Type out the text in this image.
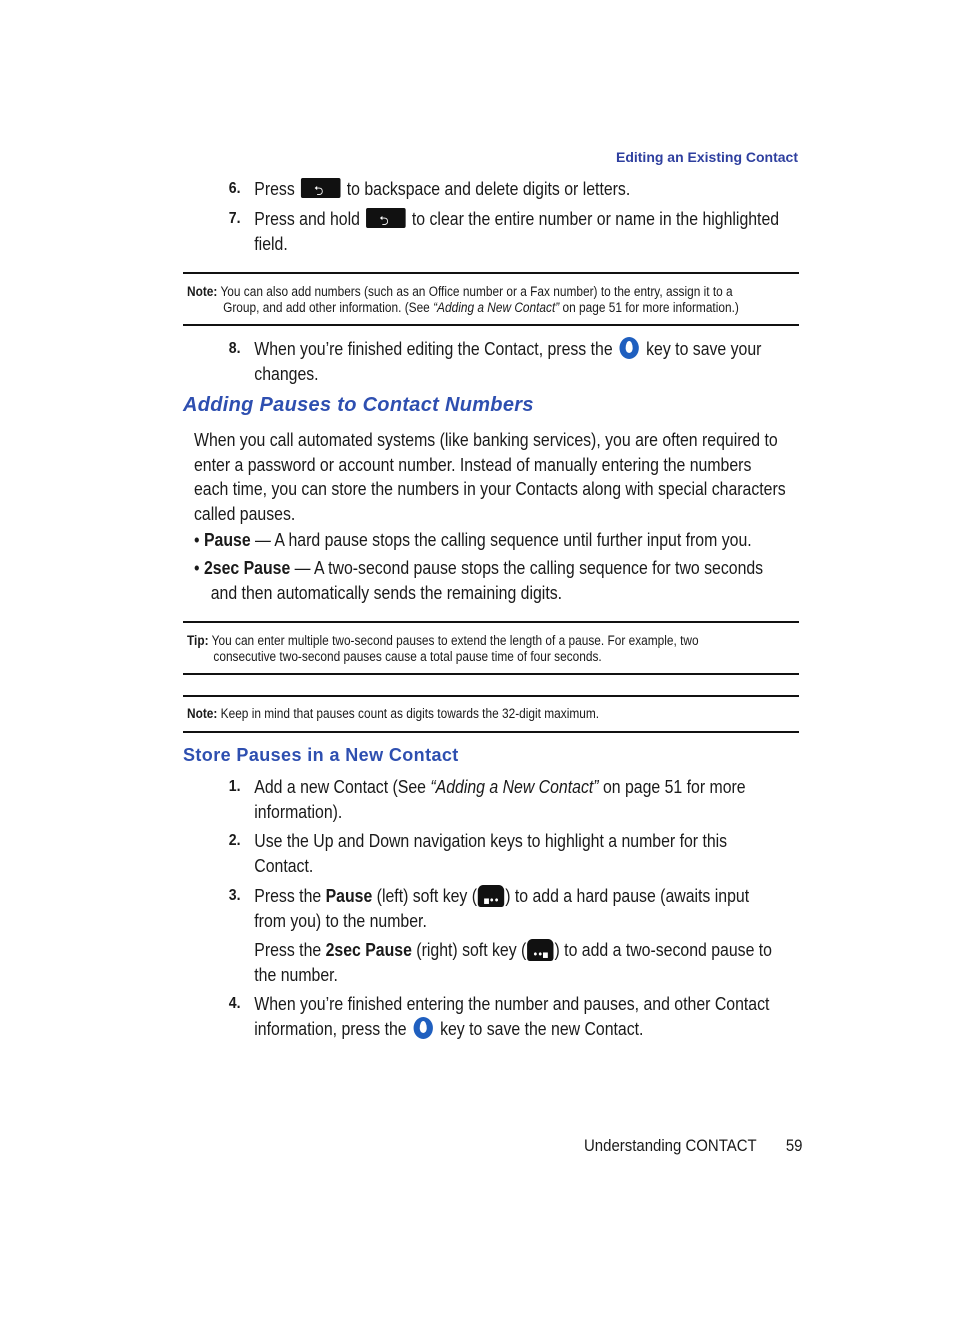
Editing an Existing Contact
6. Press ⮌ to backspace and delete digits or letters.
7. Press and hold ⮌ to clear the entire number or name in the highlighted
field.
Note: You can also add numbers (such as an Office number or a Fax number) to the entry, assign it to a
Group, and add other information. (See “Adding a New Contact” on page 51 for more information.)
8. When you’re finished editing the Contact, press the key to save your
changes.
Adding Pauses to Contact Numbers
When you call automated systems (like banking services), you are often required to
enter a password or account number. Instead of manually entering the numbers
each time, you can store the numbers in your Contacts along with special characters
called pauses.
• Pause — A hard pause stops the calling sequence until further input from you.
• 2sec Pause — A two-second pause stops the calling sequence for two seconds
and then automatically sends the remaining digits.
Tip: You can enter multiple two-second pauses to extend the length of a pause. For example, two
consecutive two-second pauses cause a total pause time of four seconds.
Note: Keep in mind that pauses count as digits towards the 32-digit maximum.
Store Pauses in a New Contact
1. Add a new Contact (See “Adding a New Contact” on page 51 for more
information).
2. Use the Up and Down navigation keys to highlight a number for this
Contact.
3. Press the Pause (left) soft key ( ▪•• ) to add a hard pause (awaits input
from you) to the number.
Press the 2sec Pause (right) soft key ( ••▪ ) to add a two-second pause to
the number.
4. When you’re finished entering the number and pauses, and other Contact
information, press the key to save the new Contact.
Understanding CONTACT 59
